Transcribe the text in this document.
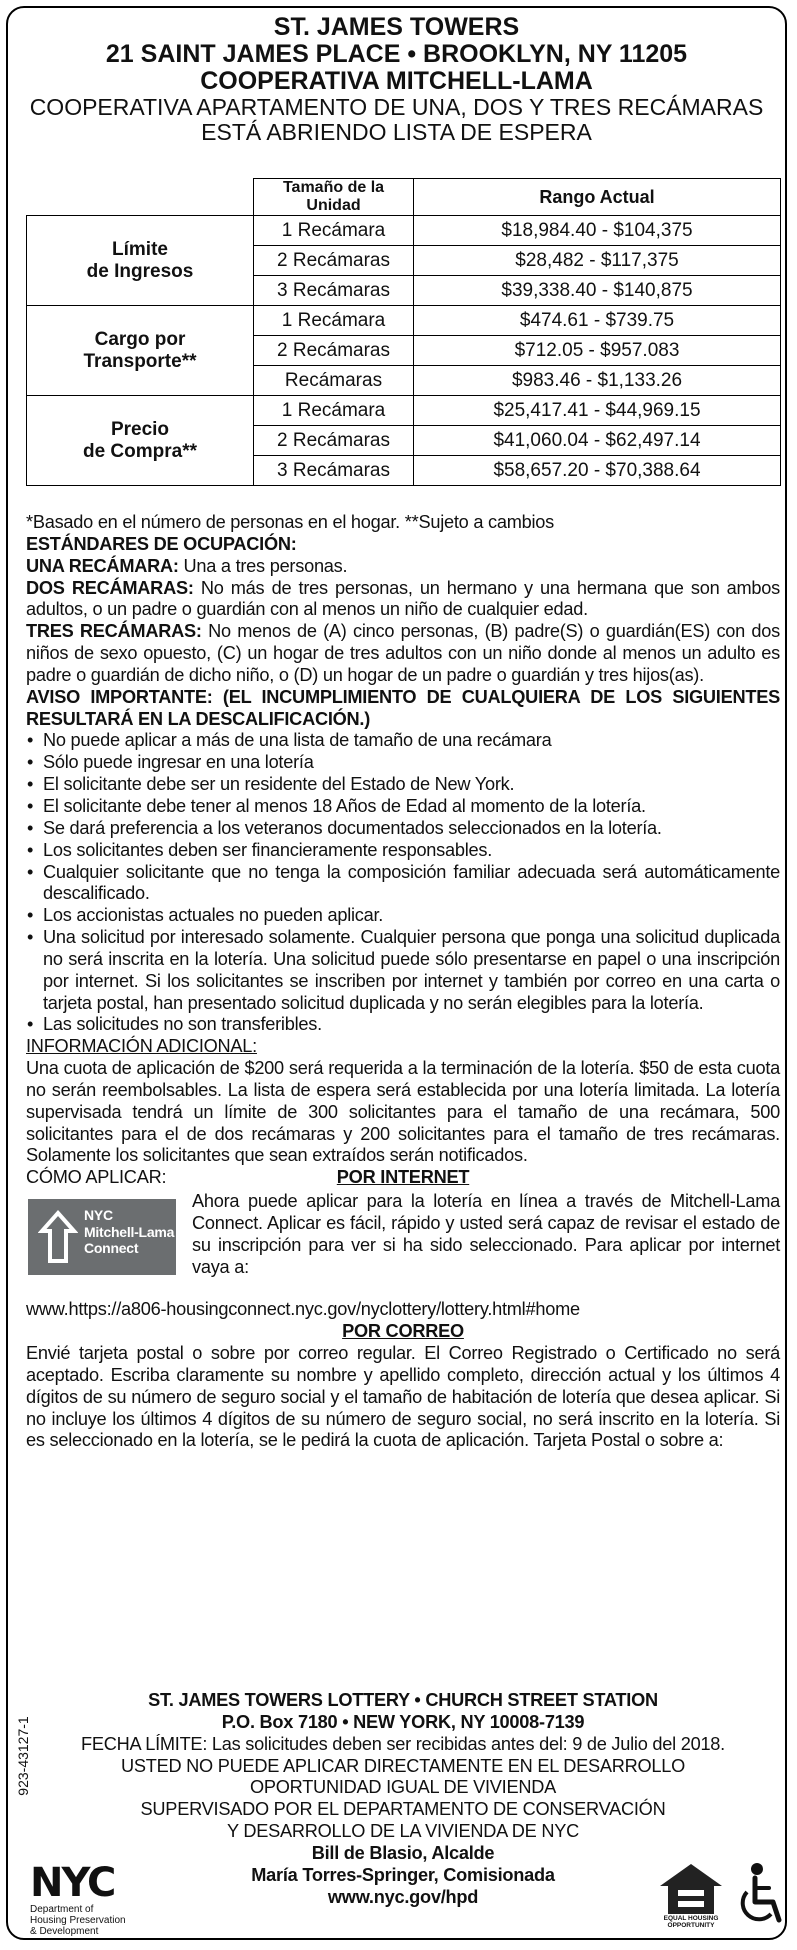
ST. JAMES TOWERS
21 SAINT JAMES PLACE • BROOKLYN, NY 11205
COOPERATIVA MITCHELL-LAMA
COOPERATIVA APARTAMENTO DE UNA, DOS Y TRES RECÁMARAS
ESTÁ ABRIENDO LISTA DE ESPERA
	Tamaño de la Unidad	Rango Actual

Límite
de Ingresos	1 Recámara	$18,984.40 - $104,375
	2 Recámaras	$28,482 - $117,375
	3 Recámaras	$39,338.40 - $140,875

Cargo por
Transporte**	1 Recámara	$474.61 - $739.75
	2 Recámaras	$712.05 - $957.083
	Recámaras	$983.46 - $1,133.26

Precio
de Compra**	1 Recámara	$25,417.41 - $44,969.15
	2 Recámaras	$41,060.04 - $62,497.14
	3 Recámaras	$58,657.20 - $70,388.64

*Basado en el número de personas en el hogar. **Sujeto a cambios

ESTÁNDARES DE OCUPACIÓN:

UNA RECÁMARA: Una a tres personas.

DOS RECÁMARAS: No más de tres personas, un hermano y una hermana que son ambos adultos, o un padre o guardián con al menos un niño de cualquier edad.

TRES RECÁMARAS: No menos de (A) cinco personas, (B) padre(S) o guardián(ES) con dos niños de sexo opuesto, (C) un hogar de tres adultos con un niño donde al menos un adulto es padre o guardián de dicho niño, o (D) un hogar de un padre o guardián y tres hijos(as).

AVISO IMPORTANTE: (EL INCUMPLIMIENTO DE CUALQUIERA DE LOS SIGUIENTES RESULTARÁ EN LA DESCALIFICACIÓN.)

• No puede aplicar a más de una lista de tamaño de una recámara
• Sólo puede ingresar en una lotería
• El solicitante debe ser un residente del Estado de New York.
• El solicitante debe tener al menos 18 Años de Edad al momento de la lotería.
• Se dará preferencia a los veteranos documentados seleccionados en la lotería.
• Los solicitantes deben ser financieramente responsables.
• Cualquier solicitante que no tenga la composición familiar adecuada será automáticamente descalificado.
• Los accionistas actuales no pueden aplicar.
• Una solicitud por interesado solamente. Cualquier persona que ponga una solicitud duplicada no será inscrita en la lotería. Una solicitud puede sólo presentarse en papel o una inscripción por internet. Si los solicitantes se inscriben por internet y también por correo en una carta o tarjeta postal, han presentado solicitud duplicada y no serán elegibles para la lotería.
• Las solicitudes no son transferibles.

INFORMACIÓN ADICIONAL:

Una cuota de aplicación de $200 será requerida a la terminación de la lotería. $50 de esta cuota no serán reembolsables. La lista de espera será establecida por una lotería limitada. La lotería supervisada tendrá un límite de 300 solicitantes para el tamaño de una recámara, 500 solicitantes para el de dos recámaras y 200 solicitantes para el tamaño de tres recámaras. Solamente los solicitantes que sean extraídos serán notificados.

CÓMO APLICAR:	POR INTERNET
NYC
Mitchell-Lama
Connect
Ahora puede aplicar para la lotería en línea a través de Mitchell-Lama Connect. Aplicar es fácil, rápido y usted será capaz de revisar el estado de su inscripción para ver si ha sido seleccionado. Para aplicar por internet vaya a:

www.https://a806-housingconnect.nyc.gov/nyclottery/lottery.html#home

POR CORREO

Envié tarjeta postal o sobre por correo regular. El Correo Registrado o Certificado no será aceptado. Escriba claramente su nombre y apellido completo, dirección actual y los últimos 4 dígitos de su número de seguro social y el tamaño de habitación de lotería que desea aplicar. Si no incluye los últimos 4 dígitos de su número de seguro social, no será inscrito en la lotería. Si es seleccionado en la lotería, se le pedirá la cuota de aplicación. Tarjeta Postal o sobre a:

ST. JAMES TOWERS LOTTERY • CHURCH STREET STATION
P.O. Box 7180 • NEW YORK, NY 10008-7139
FECHA LÍMITE: Las solicitudes deben ser recibidas antes del: 9 de Julio del 2018.
USTED NO PUEDE APLICAR DIRECTAMENTE EN EL DESARROLLO
OPORTUNIDAD IGUAL DE VIVIENDA
SUPERVISADO POR EL DEPARTAMENTO DE CONSERVACIÓN
Y DESARROLLO DE LA VIVIENDA DE NYC
Bill de Blasio, Alcalde
María Torres-Springer, Comisionada
www.nyc.gov/hpd
923-43127-1
NYC
Department of
Housing Preservation
& Development
EQUAL HOUSING
OPPORTUNITY
